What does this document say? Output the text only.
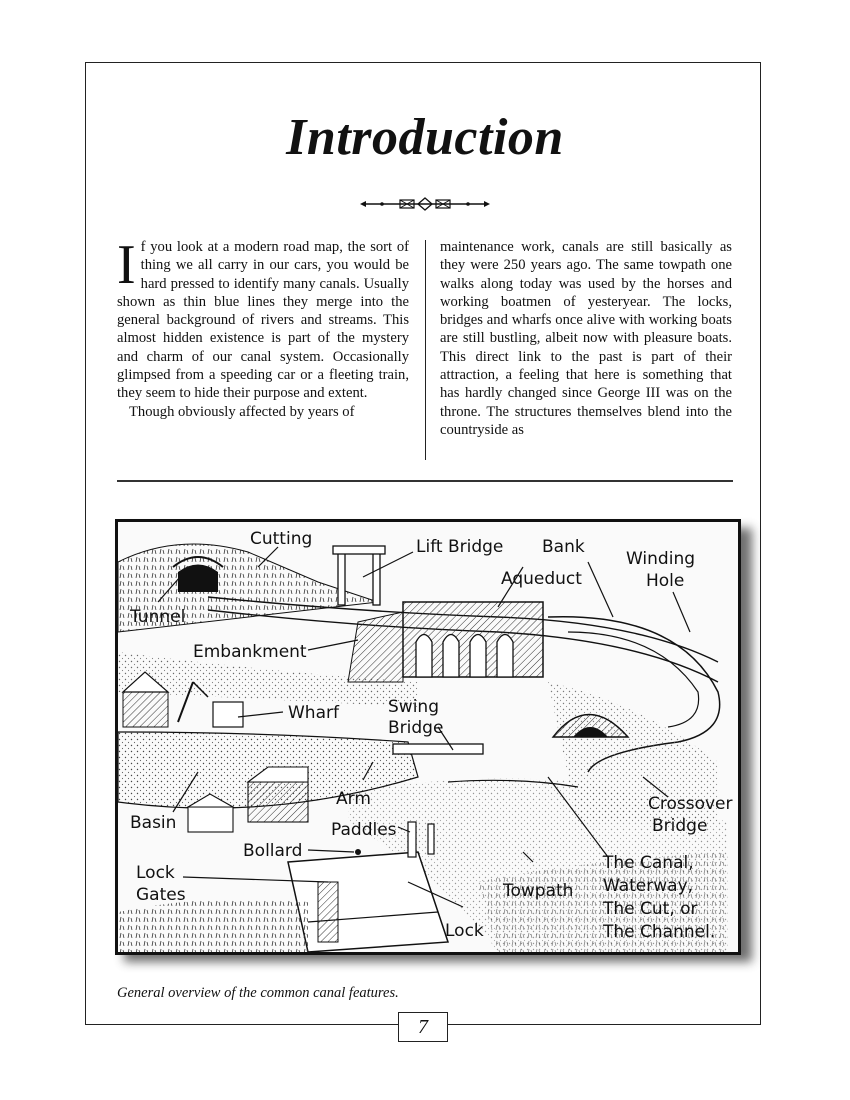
Introduction

If you look at a modern road map, the sort of thing we all carry in our cars, you would be hard pressed to identify many canals. Usually shown as thin blue lines they merge into the general background of rivers and streams. This almost hidden existence is part of the mystery and charm of our canal system. Occasionally glimpsed from a speeding car or a fleeting train, they seem to hide their purpose and extent.

Though obviously affected by years of

maintenance work, canals are still basically as they were 250 years ago. The same towpath one walks along today was used by the horses and working boatmen of yesteryear. The locks, bridges and wharfs once alive with working boats are still bustling, albeit now with pleasure boats. This direct link to the past is part of their attraction, a feeling that here is something that has hardly changed since George III was on the throne. The structures themselves blend into the countryside as

Cutting	Lift Bridge Bank
Winding
Hole
Aqueduct
Tunnel
Embankment
Wharf	Swing
Bridge
Arm
Basin	Paddles
Bollard
Crossover
Bridge
Lock
Gates	Towpath
Lock
The Canal,
Waterway,
The Cut, or
The Channel.
General overview of the common canal features.
7
